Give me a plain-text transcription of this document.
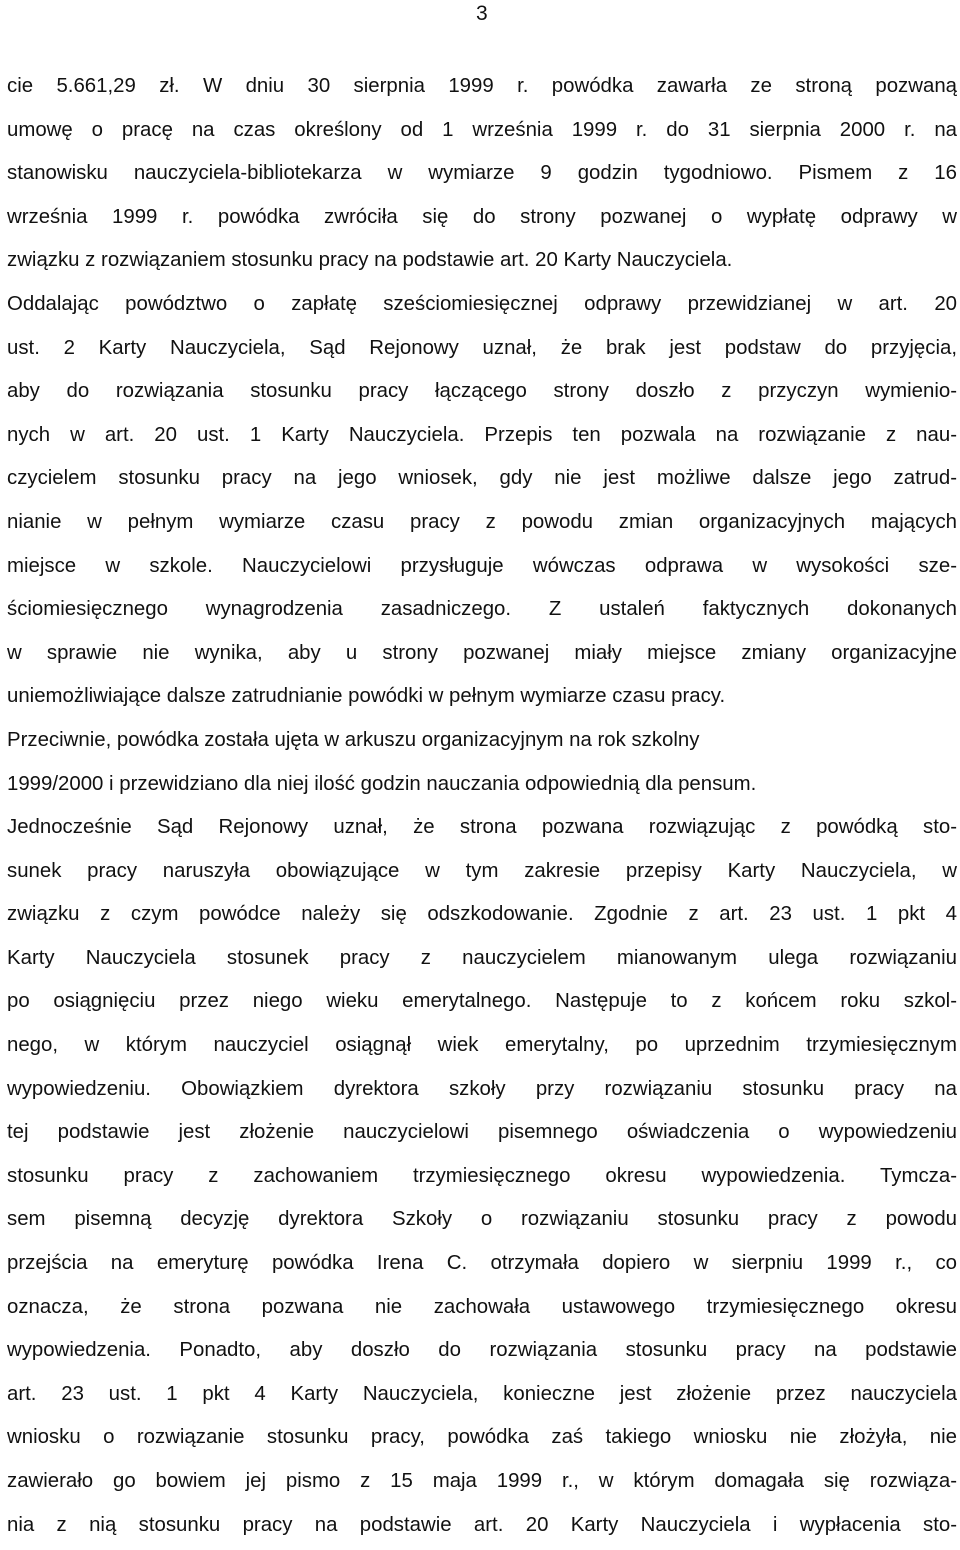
3
cie 5.661,29 zł. W dniu 30 sierpnia 1999 r. powódka zawarła ze stroną pozwaną
umowę o pracę na czas określony od 1 września 1999 r. do 31 sierpnia 2000 r. na
stanowisku nauczyciela-bibliotekarza w wymiarze 9 godzin tygodniowo. Pismem z 16
września 1999 r. powódka zwróciła się do strony pozwanej o wypłatę odprawy w
związku z rozwiązaniem stosunku pracy na podstawie art. 20 Karty Nauczyciela.
Oddalając powództwo o zapłatę sześciomiesięcznej odprawy przewidzianej w art. 20
ust. 2 Karty Nauczyciela, Sąd Rejonowy uznał, że brak jest podstaw do przyjęcia,
aby do rozwiązania stosunku pracy łączącego strony doszło z przyczyn wymienio-
nych w art. 20 ust. 1 Karty Nauczyciela. Przepis ten pozwala na rozwiązanie z nau-
czycielem stosunku pracy na jego wniosek, gdy nie jest możliwe dalsze jego zatrud-
nianie w pełnym wymiarze czasu pracy z powodu zmian organizacyjnych mających
miejsce w szkole. Nauczycielowi przysługuje wówczas odprawa w wysokości sze-
ściomiesięcznego wynagrodzenia zasadniczego. Z ustaleń faktycznych dokonanych
w sprawie nie wynika, aby u strony pozwanej miały miejsce zmiany organizacyjne
uniemożliwiające dalsze zatrudnianie powódki w pełnym wymiarze czasu pracy.
Przeciwnie, powódka została ujęta w arkuszu organizacyjnym na rok szkolny
1999/2000 i przewidziano dla niej ilość godzin nauczania odpowiednią dla pensum.
Jednocześnie Sąd Rejonowy uznał, że strona pozwana rozwiązując z powódką sto-
sunek pracy naruszyła obowiązujące w tym zakresie przepisy Karty Nauczyciela, w
związku z czym powódce należy się odszkodowanie. Zgodnie z art. 23 ust. 1 pkt 4
Karty Nauczyciela stosunek pracy z nauczycielem mianowanym ulega rozwiązaniu
po osiągnięciu przez niego wieku emerytalnego. Następuje to z końcem roku szkol-
nego, w którym nauczyciel osiągnął wiek emerytalny, po uprzednim trzymiesięcznym
wypowiedzeniu. Obowiązkiem dyrektora szkoły przy rozwiązaniu stosunku pracy na
tej podstawie jest złożenie nauczycielowi pisemnego oświadczenia o wypowiedzeniu
stosunku pracy z zachowaniem trzymiesięcznego okresu wypowiedzenia. Tymcza-
sem pisemną decyzję dyrektora Szkoły o rozwiązaniu stosunku pracy z powodu
przejścia na emeryturę powódka Irena C. otrzymała dopiero w sierpniu 1999 r., co
oznacza, że strona pozwana nie zachowała ustawowego trzymiesięcznego okresu
wypowiedzenia. Ponadto, aby doszło do rozwiązania stosunku pracy na podstawie
art. 23 ust. 1 pkt 4 Karty Nauczyciela, konieczne jest złożenie przez nauczyciela
wniosku o rozwiązanie stosunku pracy, powódka zaś takiego wniosku nie złożyła, nie
zawierało go bowiem jej pismo z 15 maja 1999 r., w którym domagała się rozwiąza-
nia z nią stosunku pracy na podstawie art. 20 Karty Nauczyciela i wypłacenia sto-
